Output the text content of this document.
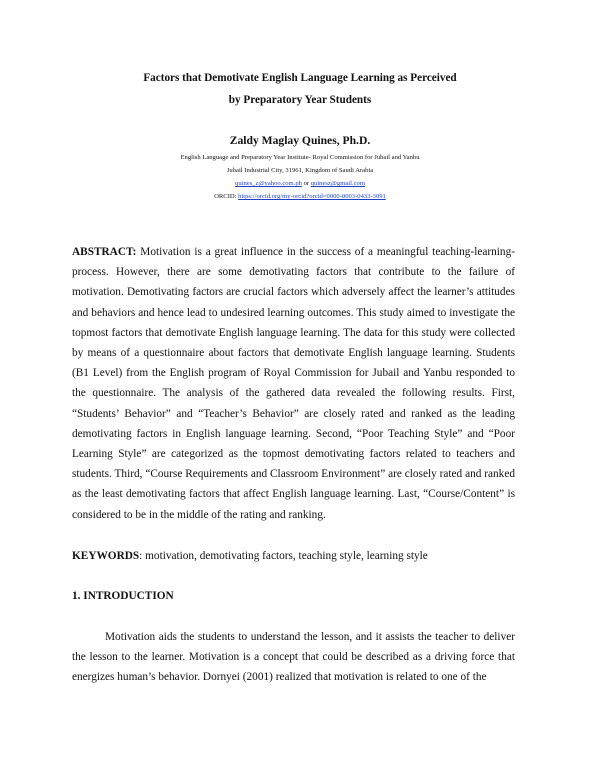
Factors that Demotivate English Language Learning as Perceived
by Preparatory Year Students
Zaldy Maglay Quines, Ph.D.
English Language and Preparatory Year Institute- Royal Commission for Jubail and Yanbu
Jubail Industrial City, 31961, Kingdom of Saudi Arabia
quines_z@yahoo.com.ph or quinesz@gmail.com
ORCID: https://orcid.org/my-orcid?orcid=0000-0003-0433-3091

ABSTRACT: Motivation is a great influence in the success of a meaningful teaching-learning-process. However, there are some demotivating factors that contribute to the failure of motivation. Demotivating factors are crucial factors which adversely affect the learner’s attitudes and behaviors and hence lead to undesired learning outcomes. This study aimed to investigate the topmost factors that demotivate English language learning. The data for this study were collected by means of a questionnaire about factors that demotivate English language learning. Students (B1 Level) from the English program of Royal Commission for Jubail and Yanbu responded to the questionnaire. The analysis of the gathered data revealed the following results. First, “Students’ Behavior” and “Teacher’s Behavior” are closely rated and ranked as the leading demotivating factors in English language learning. Second, “Poor Teaching Style” and “Poor Learning Style” are categorized as the topmost demotivating factors related to teachers and students. Third, “Course Requirements and Classroom Environment” are closely rated and ranked as the least demotivating factors that affect English language learning. Last, “Course/Content” is considered to be in the middle of the rating and ranking.

KEYWORDS: motivation, demotivating factors, teaching style, learning style

1. INTRODUCTION

Motivation aids the students to understand the lesson, and it assists the teacher to deliver the lesson to the learner. Motivation is a concept that could be described as a driving force that energizes human’s behavior. Dornyei (2001) realized that motivation is related to one of the
